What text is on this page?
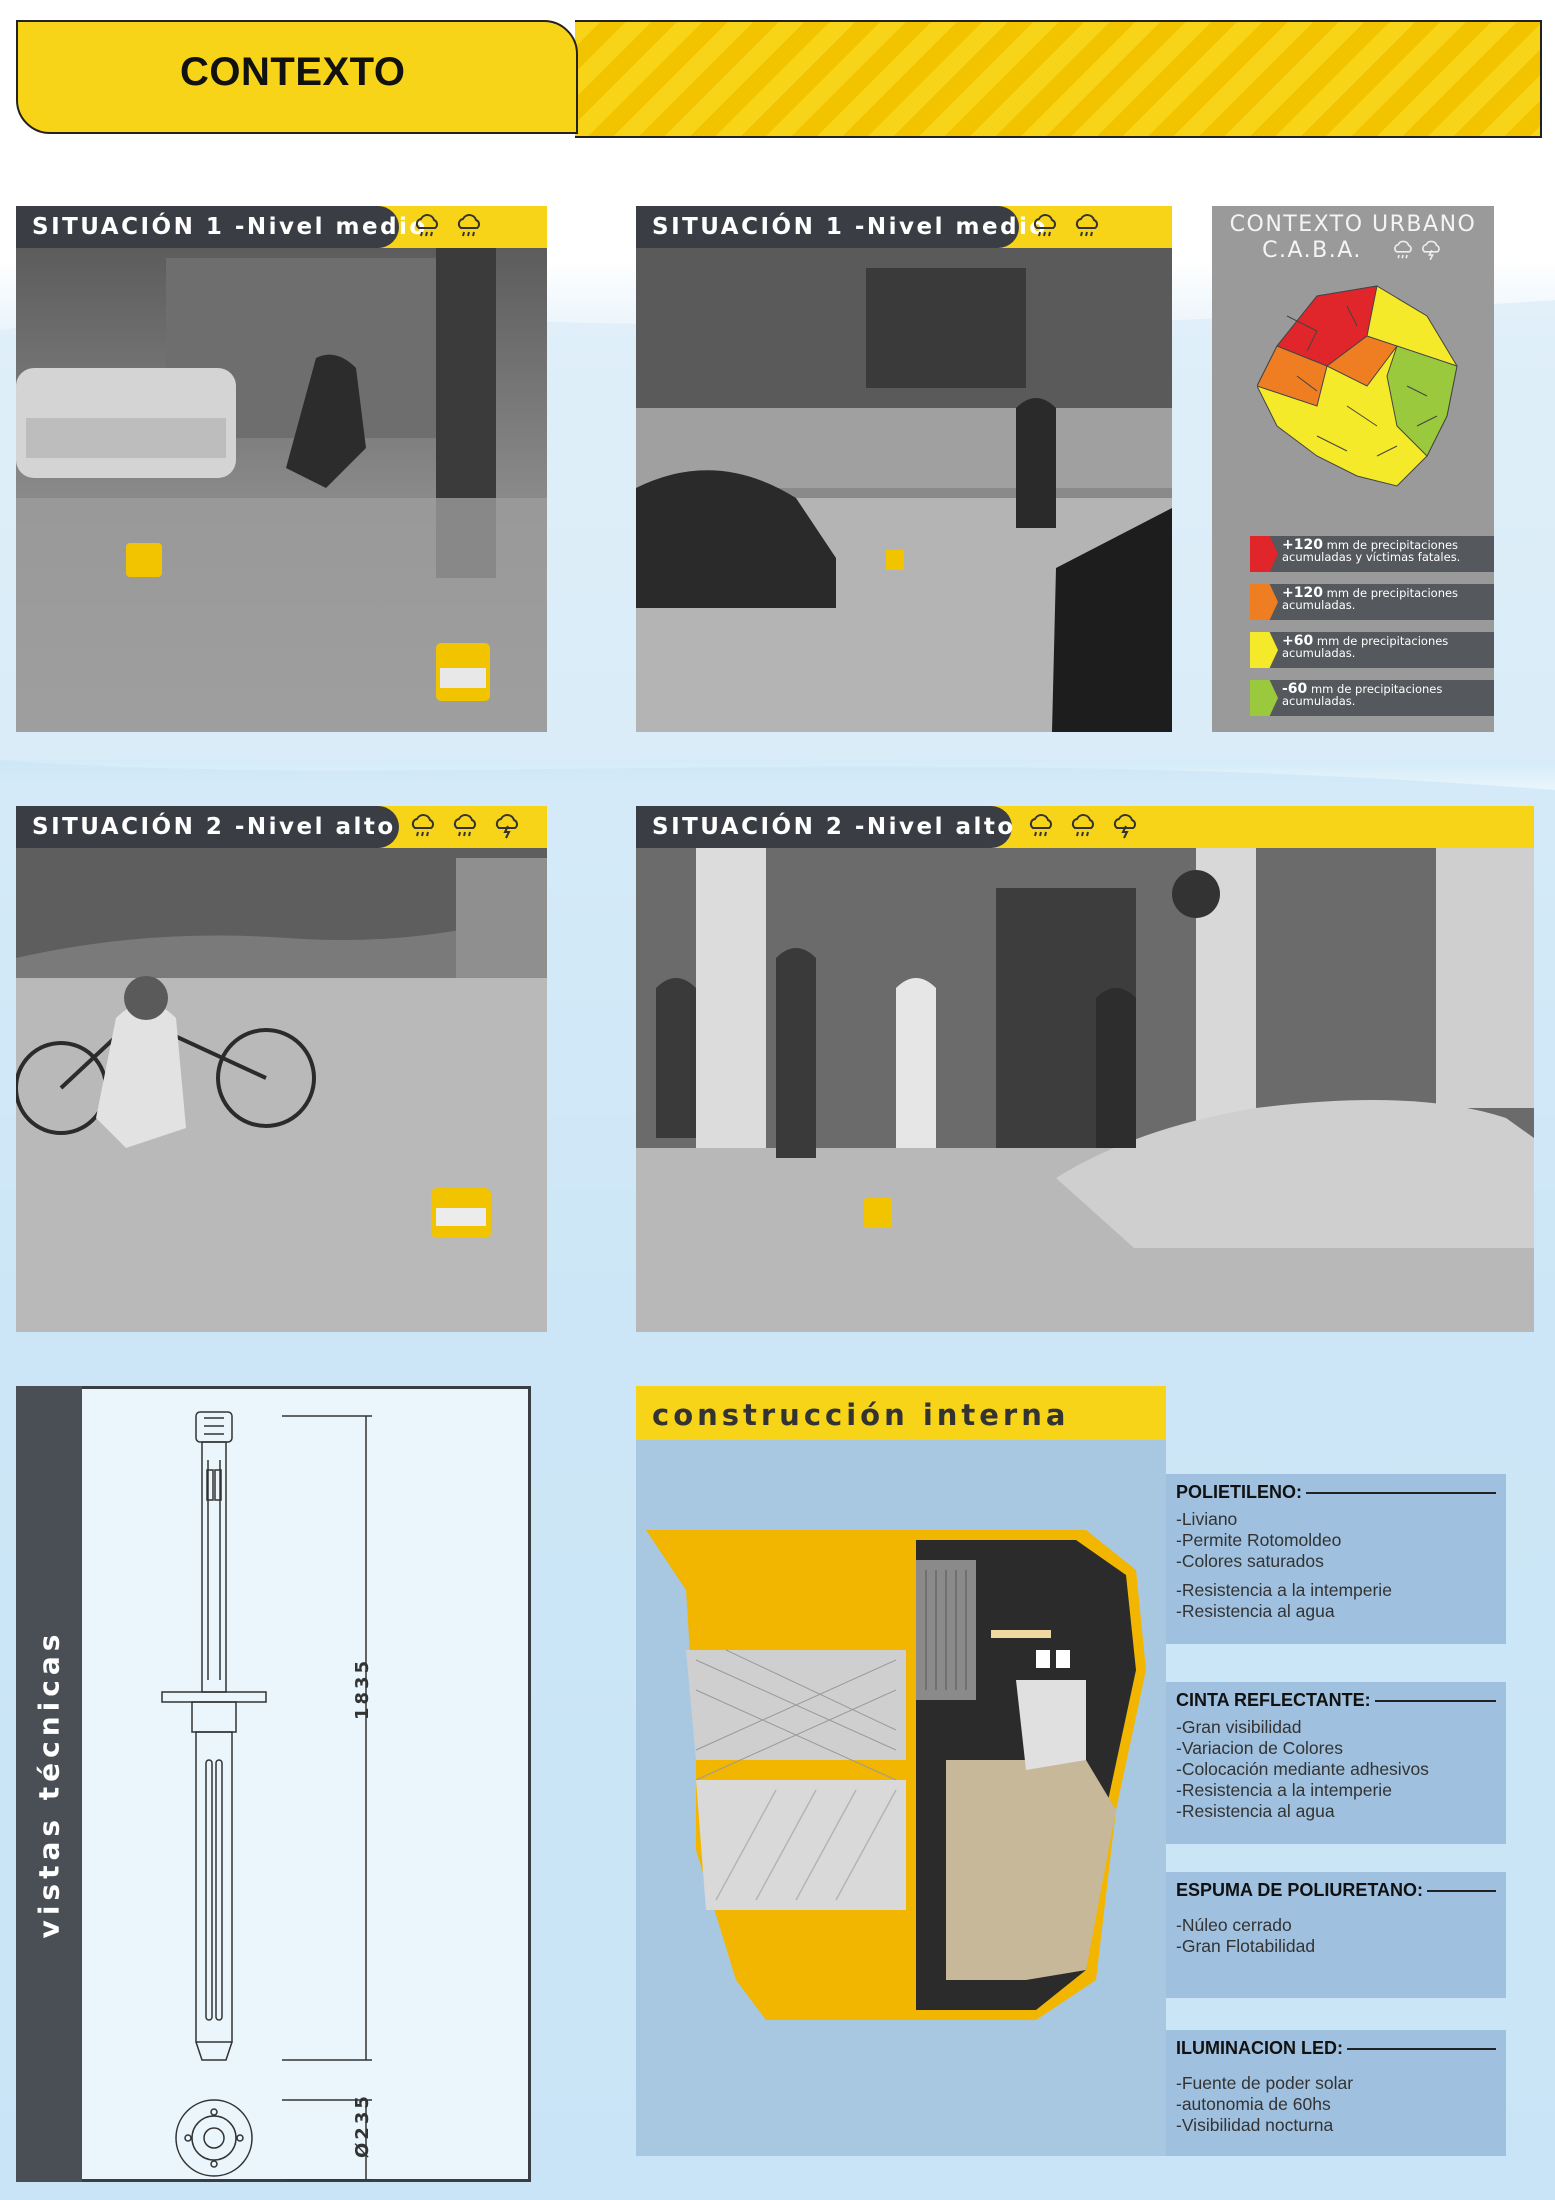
CONTEXTO
SITUACIÓN 1 -Nivel medio	SITUACIÓN 1 -Nivel medio	CONTEXTO URBANO
C.A.B.A.
+120 mm de precipitaciones acumuladas y víctimas fatales.
+120 mm de precipitaciones acumuladas.
+60 mm de precipitaciones acumuladas.
-60 mm de precipitaciones acumuladas.
SITUACIÓN 2 -Nivel alto	SITUACIÓN 2 -Nivel alto
vistas técnicas	1835
Ø235
construcción interna
POLIETILENO:
-Liviano
-Permite Rotomoldeo
-Colores saturados
-Resistencia a la intemperie
-Resistencia al agua
CINTA REFLECTANTE:
-Gran visibilidad
-Variacion de Colores
-Colocación mediante adhesivos
-Resistencia a la intemperie
-Resistencia al agua
ESPUMA DE POLIURETANO:
-Núleo cerrado
-Gran Flotabilidad
ILUMINACION LED:
-Fuente de poder solar
-autonomia de 60hs
-Visibilidad nocturna
